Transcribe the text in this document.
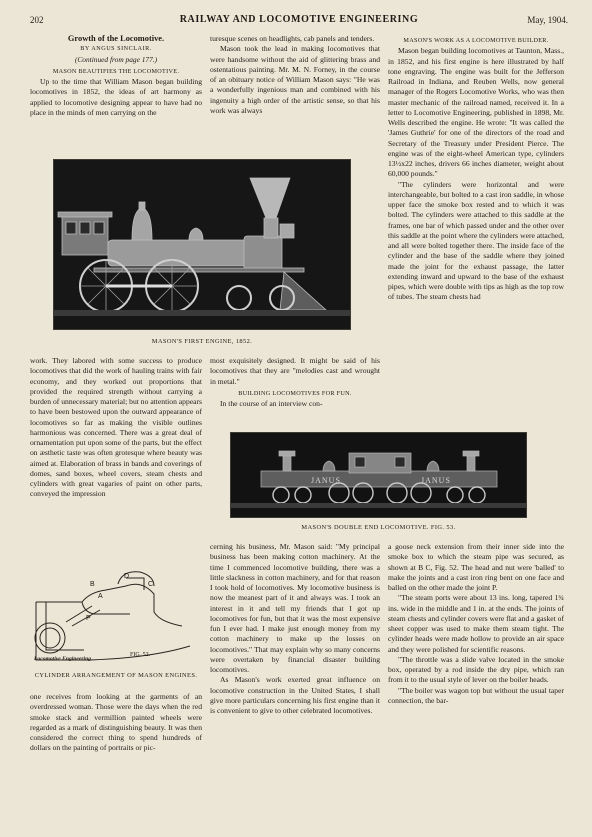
202	RAILWAY AND LOCOMOTIVE ENGINEERING	May, 1904.

Growth of the Locomotive.

BY ANGUS SINCLAIR.

(Continued from page 177.)

MASON BEAUTIFIES THE LOCOMOTIVE.

Up to the time that William Mason began building locomotives in 1852, the ideas of art harmony as applied to locomotive designing appear to have had no place in the minds of men carrying on the

turesque scenes on headlights, cab panels and tenders.

Mason took the lead in making locomotives that were handsome without the aid of glittering brass and ostentatious painting. Mr. M. N. Forney, in the course of an obituary notice of William Mason says: "He was a wonderfully ingenious man and combined with his ingenuity a high order of the artistic sense, so that his work was always

MASON'S WORK AS A LOCOMOTIVE BUILDER.

Mason began building locomotives at Taunton, Mass., in 1852, and his first engine is here illustrated by half tone engraving. The engine was built for the Jefferson Railroad in Indiana, and Reuben Wells, now general manager of the Rogers Locomotive Works, who was then master mechanic of the railroad named, received it. In a letter to Locomotive Engineering, published in 1898, Mr. Wells described the engine. He wrote: "It was called the 'James Guthrie' for one of the directors of the road and Secretary of the Treasury under President Pierce. The engine was of the eight-wheel American type, cylinders 13½x22 inches, drivers 66 inches diameter, weight about 60,000 pounds."

"The cylinders were horizontal and were interchangeable, but bolted to a cast iron saddle, in whose upper face the smoke box rested and to which it was bolted. The cylinders were attached to this saddle at the frames, one bar of which passed under and the other over this saddle at the point where the cylinders were attached, and all were bolted together there. The inside face of the cylinder and the base of the saddle where they joined made the joint for the exhaust passage, the latter extending inward and upward to the base of the exhaust pipes, which were double with tips as high as the top row of tubes. The steam chests had

MASON'S FIRST ENGINE, 1852.

work. They labored with some success to produce locomotives that did the work of hauling trains with fair economy, and they worked out proportions that provided the required strength without carrying a burden of unnecessary material; but no attention appears to have been bestowed upon the outward appearance of locomotives so far as making the visible outlines harmonious was concerned. There was a great deal of ornamentation put upon some of the parts, but the effect on æsthetic taste was often grotesque where beauty was aimed at. Elaboration of brass in bands and coverings of domes, sand boxes, wheel covers, steam chests and cylinders with great vagaries of paint on other parts, conveyed the impression

most exquisitely designed. It might be said of his locomotives that they are "melodies cast and wrought in metal."

BUILDING LOCOMOTIVES FOR FUN.

In the course of an interview con-

JANUS	JANUS
MASON'S DOUBLE END LOCOMOTIVE. FIG. 53.
D
B	C
A
P
FIG. 52.
Locomotive Engineering
CYLINDER ARRANGEMENT OF MASON ENGINES.

one receives from looking at the garments of an overdressed woman. Those were the days when the red smoke stack and vermillion painted wheels were regarded as a mark of distinguishing beauty. It was then considered the correct thing to spend hundreds of dollars on the painting of portraits or pic-

cerning his business, Mr. Mason said: "My principal business has been making cotton machinery. At the time I commenced locomotive building, there was a little slackness in cotton machinery, and for that reason I took hold of locomotives. My locomotive business is now the meanest part of it and always was. I took an interest in it and tell my friends that I got up locomotives for fun, but that it was the most expensive fun I ever had. I make just enough money from my cotton machinery to make up the losses on locomotives." That may explain why so many concerns were overtaken by financial disaster building locomotives.

As Mason's work exerted great influence on locomotive construction in the United States, I shall give more particulars concerning his first engine than it is convenient to give to other celebrated locomotives.

a goose neck extension from their inner side into the smoke box to which the steam pipe was secured, as shown at B C, Fig. 52. The head and nut were 'balled' to make the joints and a cast iron ring bent on one face and balled on the other made the joint P.

"The steam ports were about 13 ins. long, tapered 1¾ ins. wide in the middle and 1 in. at the ends. The joints of steam chests and cylinder covers were flat and a gasket of sheet copper was used to make them steam tight. The cylinder heads were made hollow to provide an air space and they were polished for scientific reasons.

"The throttle was a slide valve located in the smoke box, operated by a rod inside the dry pipe, which ran from it to the usual style of lever on the boiler heads.

"The boiler was wagon top but without the usual taper connection, the bar-
